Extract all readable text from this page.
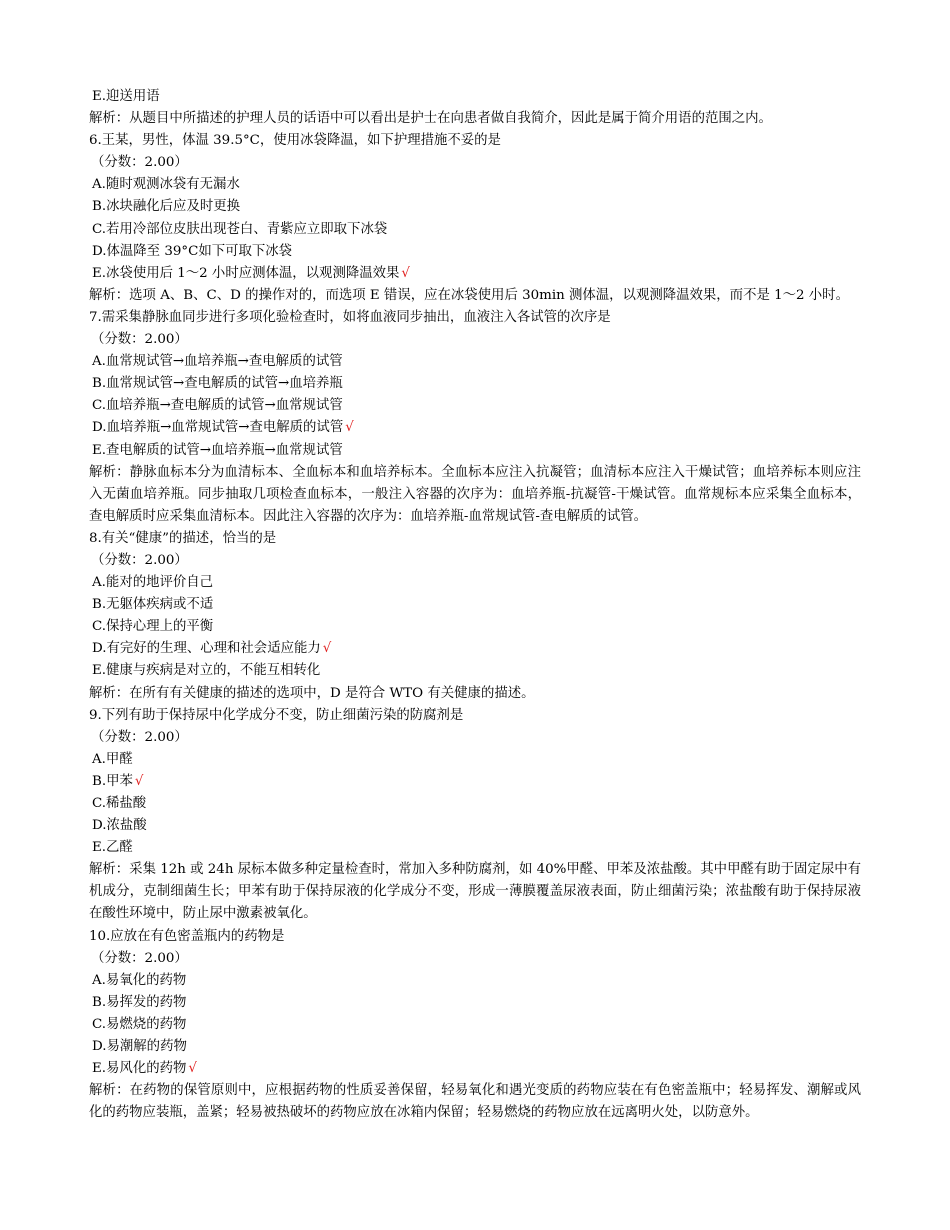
E.迎送用语
解析：从题目中所描述的护理人员的话语中可以看出是护士在向患者做自我简介，因此是属于简介用语的范围之内。
6.王某，男性，体温 39.5°C，使用冰袋降温，如下护理措施不妥的是
（分数：2.00）
A.随时观测冰袋有无漏水
B.冰块融化后应及时更换
C.若用冷部位皮肤出现苍白、青紫应立即取下冰袋
D.体温降至 39°C如下可取下冰袋
E.冰袋使用后 1～2 小时应测体温，以观测降温效果 √
解析：选项 A、B、C、D 的操作对的，而选项 E 错误，应在冰袋使用后 30min 测体温，以观测降温效果，而不是 1～2 小时。
7.需采集静脉血同步进行多项化验检查时，如将血液同步抽出，血液注入各试管的次序是
（分数：2.00）
A.血常规试管→血培养瓶→查电解质的试管
B.血常规试管→查电解质的试管→血培养瓶
C.血培养瓶→查电解质的试管→血常规试管
D.血培养瓶→血常规试管→查电解质的试管 √
E.查电解质的试管→血培养瓶→血常规试管
解析：静脉血标本分为血清标本、全血标本和血培养标本。全血标本应注入抗凝管；血清标本应注入干燥试管；血培养标本则应注入无菌血培养瓶。同步抽取几项检查血标本，一般注入容器的次序为：血培养瓶-抗凝管-干燥试管。血常规标本应采集全血标本，查电解质时应采集血清标本。因此注入容器的次序为：血培养瓶-血常规试管-查电解质的试管。
8.有关“健康”的描述，恰当的是
（分数：2.00）
A.能对的地评价自己
B.无躯体疾病或不适
C.保持心理上的平衡
D.有完好的生理、心理和社会适应能力 √
E.健康与疾病是对立的，不能互相转化
解析：在所有有关健康的描述的选项中，D 是符合 WTO 有关健康的描述。
9.下列有助于保持尿中化学成分不变，防止细菌污染的防腐剂是
（分数：2.00）
A.甲醛
B.甲苯 √
C.稀盐酸
D.浓盐酸
E.乙醛
解析：采集 12h 或 24h 尿标本做多种定量检查时，常加入多种防腐剂，如 40%甲醛、甲苯及浓盐酸。其中甲醛有助于固定尿中有机成分，克制细菌生长；甲苯有助于保持尿液的化学成分不变，形成一薄膜覆盖尿液表面，防止细菌污染；浓盐酸有助于保持尿液在酸性环境中，防止尿中激素被氧化。
10.应放在有色密盖瓶内的药物是
（分数：2.00）
A.易氧化的药物
B.易挥发的药物
C.易燃烧的药物
D.易潮解的药物
E.易风化的药物 √
解析：在药物的保管原则中，应根据药物的性质妥善保留，轻易氧化和遇光变质的药物应装在有色密盖瓶中；轻易挥发、潮解或风化的药物应装瓶，盖紧；轻易被热破坏的药物应放在冰箱内保留；轻易燃烧的药物应放在远离明火处，以防意外。
